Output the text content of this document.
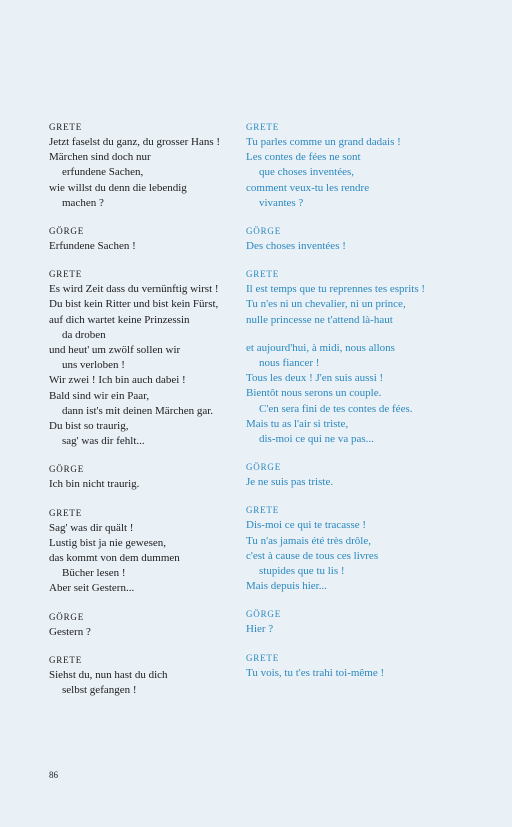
GRETE
Jetzt faselst du ganz, du grosser Hans !
Märchen sind doch nur
erfundene Sachen,
wie willst du denn die lebendig
machen ?
GÖRGE
Erfundene Sachen !
GRETE
Es wird Zeit dass du vernünftig wirst !
Du bist kein Ritter und bist kein Fürst,
auf dich wartet keine Prinzessin
da droben
und heut' um zwölf sollen wir
uns verloben !
Wir zwei ! Ich bin auch dabei !
Bald sind wir ein Paar,
dann ist's mit deinen Märchen gar.
Du bist so traurig,
sag' was dir fehlt...
GÖRGE
Ich bin nicht traurig.
GRETE
Sag' was dir quält !
Lustig bist ja nie gewesen,
das kommt von dem dummen
Bücher lesen !
Aber seit Gestern...
GÖRGE
Gestern ?
GRETE
Siehst du, nun hast du dich
selbst gefangen !
GRETE
Tu parles comme un grand dadais !
Les contes de fées ne sont
que choses inventées,
comment veux-tu les rendre
vivantes ?
GÖRGE
Des choses inventées !
GRETE
Il est temps que tu reprennes tes esprits !
Tu n'es ni un chevalier, ni un prince,
nulle princesse ne t'attend là-haut
et aujourd'hui, à midi, nous allons
nous fiancer !
Tous les deux ! J'en suis aussi !
Bientôt nous serons un couple.
C'en sera fini de tes contes de fées.
Mais tu as l'air si triste,
dis-moi ce qui ne va pas...
GÖRGE
Je ne suis pas triste.
GRETE
Dis-moi ce qui te tracasse !
Tu n'as jamais été très drôle,
c'est à cause de tous ces livres
stupides que tu lis !
Mais depuis hier...
GÖRGE
Hier ?
GRETE
Tu vois, tu t'es trahi toi-même !
86
